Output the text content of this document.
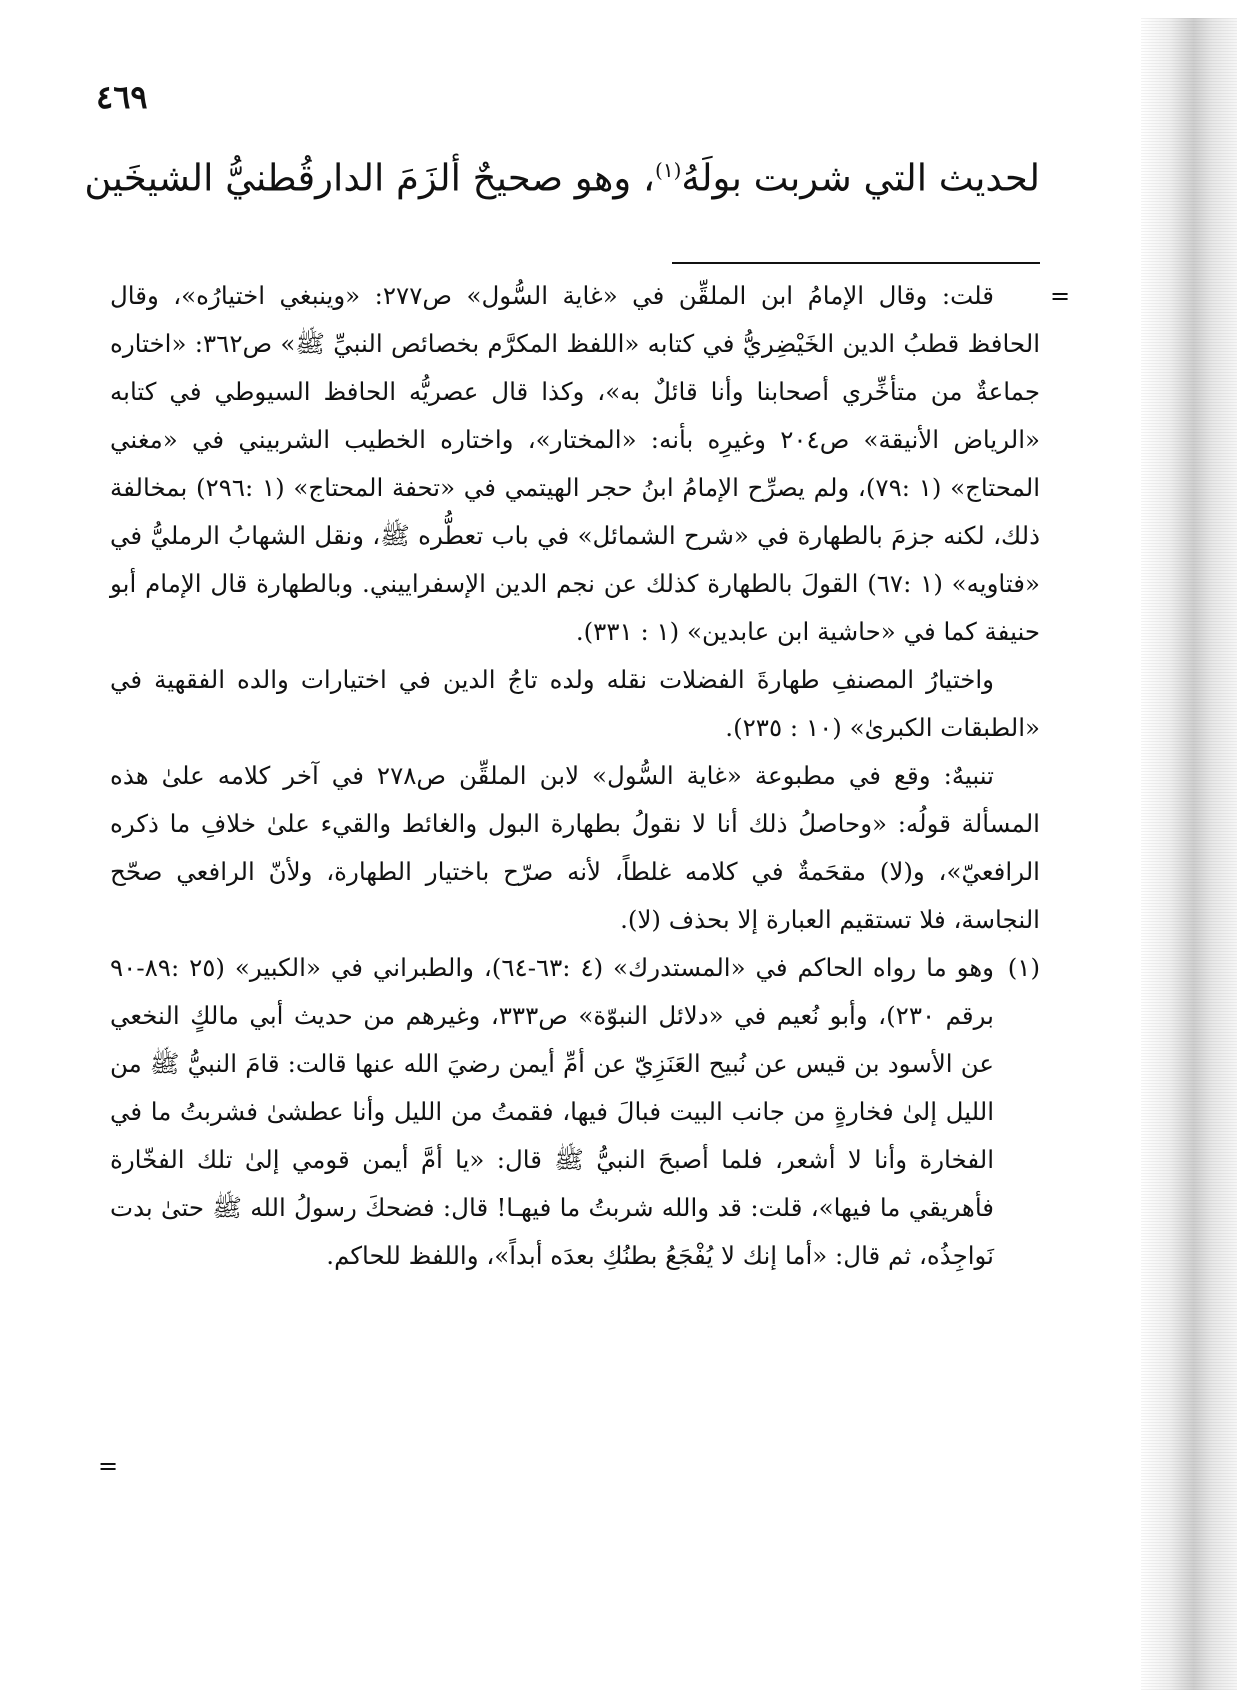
٤٦٩
لحديث التي شربت بولَهُ$^{(١)}$، وهو صحيحٌ ألزَمَ الدارقُطنيُّ الشيخَين
=

قلت: وقال الإمامُ ابن الملقِّن في «غاية السُّول» ص٢٧٧: «وينبغي اختيارُه»، وقال الحافظ قطبُ الدين الخَيْضِريُّ في كتابه «اللفظ المكرَّم بخصائص النبيِّ ﷺ» ص٣٦٢: «اختاره جماعةٌ من متأخِّري أصحابنا وأنا قائلٌ به»، وكذا قال عصريُّه الحافظ السيوطي في كتابه «الرياض الأنيقة» ص٢٠٤ وغيرِه بأنه: «المختار»، واختاره الخطيب الشربيني في «مغني المحتاج» (١ :٧٩)، ولم يصرِّح الإمامُ ابنُ حجر الهيتمي في «تحفة المحتاج» (١ :٢٩٦) بمخالفة ذلك، لكنه جزمَ بالطهارة في «شرح الشمائل» في باب تعطُّره ﷺ، ونقل الشهابُ الرمليُّ في «فتاويه» (١ :٦٧) القولَ بالطهارة كذلك عن نجم الدين الإسفراييني. وبالطهارة قال الإمام أبو حنيفة كما في «حاشية ابن عابدين» (١ : ٣٣١).

واختيارُ المصنفِ طهارةَ الفضلات نقله ولده تاجُ الدين في اختيارات والده الفقهية في «الطبقات الكبرىٰ» (١٠ : ٢٣٥).

تنبيهٌ: وقع في مطبوعة «غاية السُّول» لابن الملقِّن ص٢٧٨ في آخر كلامه علىٰ هذه المسألة قولُه: «وحاصلُ ذلك أنا لا نقولُ بطهارة البول والغائط والقيء علىٰ خلافِ ما ذكره الرافعيّ»، و(لا) مقحَمةٌ في كلامه غلطاً، لأنه صرّح باختيار الطهارة، ولأنّ الرافعي صحّح النجاسة، فلا تستقيم العبارة إلا بحذف (لا).

(١)
وهو ما رواه الحاكم في «المستدرك» (٤ :٦٣-٦٤)، والطبراني في «الكبير» (٢٥ :٨٩-٩٠ برقم ٢٣٠)، وأبو نُعيم في «دلائل النبوّة» ص٣٣٣، وغيرهم من حديث أبي مالكٍ النخعي عن الأسود بن قيس عن نُبيح العَنَزِيّ عن أمِّ أيمن رضيَ الله عنها قالت: قامَ النبيُّ ﷺ من الليل إلىٰ فخارةٍ من جانب البيت فبالَ فيها، فقمتُ من الليل وأنا عطشىٰ فشربتُ ما في الفخارة وأنا لا أشعر، فلما أصبحَ النبيُّ ﷺ قال: «يا أمَّ أيمن قومي إلىٰ تلك الفخّارة فأهريقي ما فيها»، قلت: قد والله شربتُ ما فيهـا! قال: فضحكَ رسولُ الله ﷺ حتىٰ بدت نَواجِذُه، ثم قال: «أما إنك لا يُفْجَعُ بطنُكِ بعدَه أبداً»، واللفظ للحاكم.
=
